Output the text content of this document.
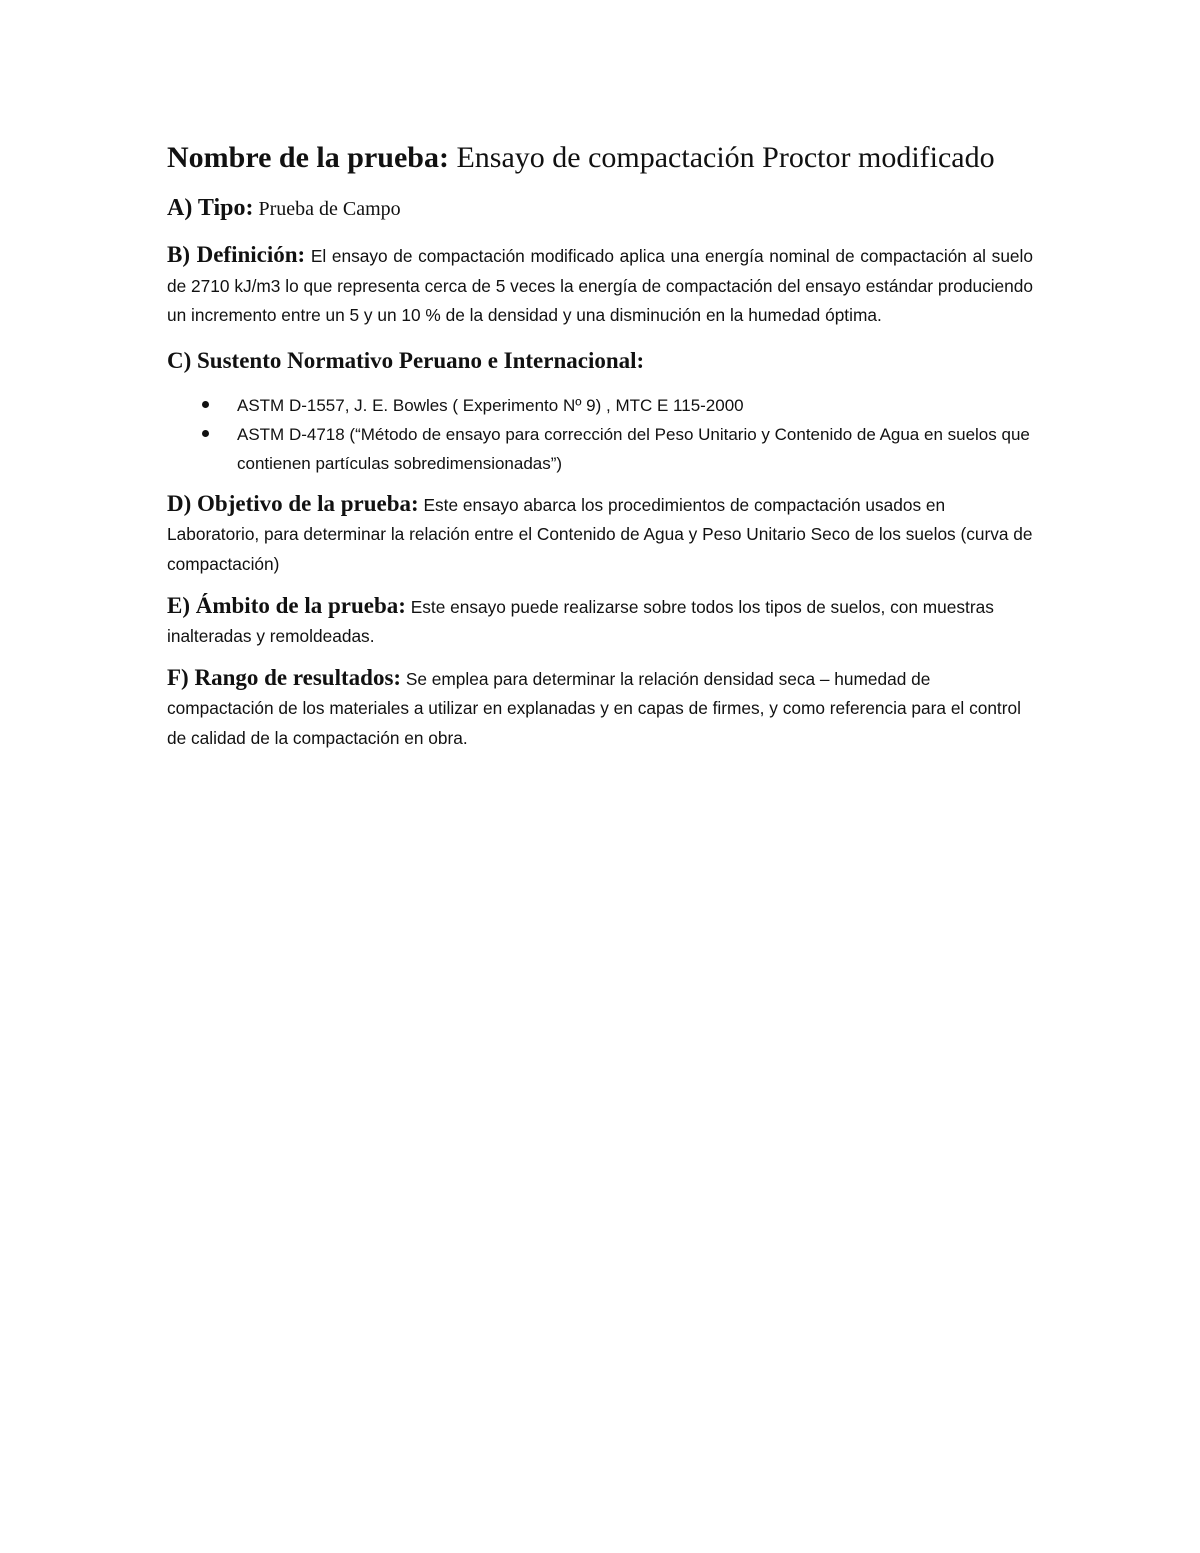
Nombre de la prueba: Ensayo de compactación Proctor modificado
A) Tipo: Prueba de Campo

B) Definición: El ensayo de compactación modificado aplica una energía nominal de compactación al suelo de 2710 kJ/m3 lo que representa cerca de 5 veces la energía de compactación del ensayo estándar produciendo un incremento entre un 5 y un 10 % de la densidad y una disminución en la humedad óptima.

C) Sustento Normativo Peruano e Internacional:
ASTM D-1557, J. E. Bowles ( Experimento Nº 9) , MTC E 115-2000
ASTM D-4718 (“Método de ensayo para corrección del Peso Unitario y Contenido de Agua en suelos que contienen partículas sobredimensionadas”)

D) Objetivo de la prueba: Este ensayo abarca los procedimientos de compactación usados en Laboratorio, para determinar la relación entre el Contenido de Agua y Peso Unitario Seco de los suelos (curva de compactación)

E) Ámbito de la prueba: Este ensayo puede realizarse sobre todos los tipos de suelos, con muestras inalteradas y remoldeadas.

F) Rango de resultados: Se emplea para determinar la relación densidad seca – humedad de compactación de los materiales a utilizar en explanadas y en capas de firmes, y como referencia para el control de calidad de la compactación en obra.
